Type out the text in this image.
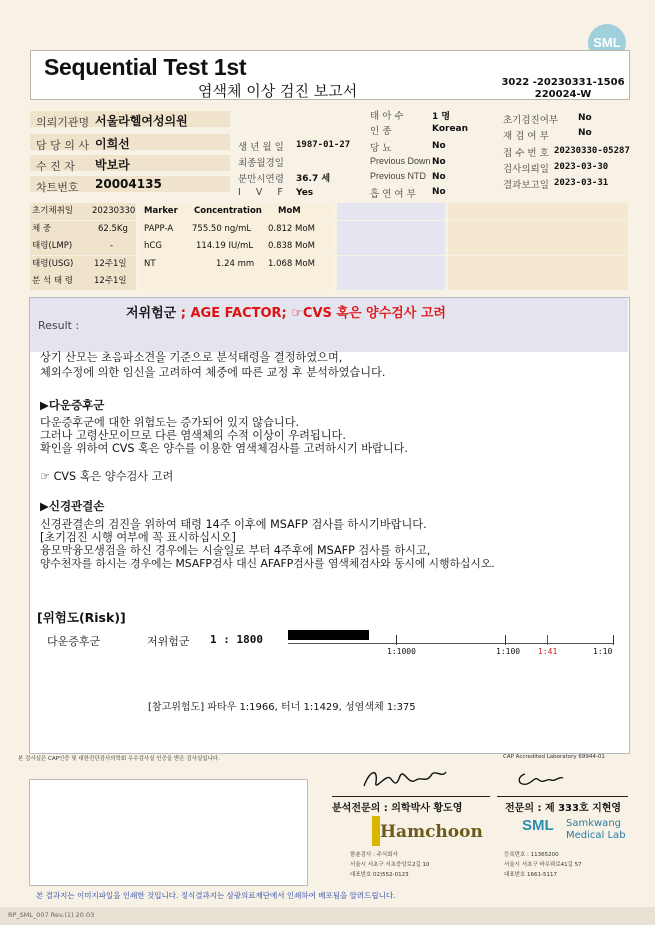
SML
Sequential Test 1st
염색체 이상 검진 보고서	3022 -20230331-1506
220024-W
의뢰기관명 서울라헬여성의원
담 당 의 사 이희선
수 진 자 박보라
차트번호 20004135
생 년 월 일 1987-01-27
최종월경일
분만시연령 36.7 세
I V F Yes
태 아 수	1 명
인 종	Korean
당 뇨	No
Previous Down No
Previous NTD No
흡 연 여 부 No
초기검진여부 No
재 검 여 부	No
접 수 번 호 20230330-05287
검사의뢰일 2023-03-30
결과보고일 2023-03-31
초기채취일 20230330
체 중	62.5Kg
태령(LMP)	-
태령(USG) 12주1일
분 석 태 령 12주1일
Marker Concentration MoM
PAPP-A 755.50 ng/mL 0.812 MoM
hCG	114.19 IU/mL 0.838 MoM
NT	1.24 mm 1.068 MoM
Result :
저위험군 ; AGE FACTOR; ☞CVS 혹은 양수검사 고려
상기 산모는 초음파소견을 기준으로 분석태령을 결정하였으며,
체외수정에 의한 임신을 고려하여 체중에 따른 교정 후 분석하였습니다.
▶다운증후군
다운증후군에 대한 위험도는 증가되어 있지 않습니다.
그러나 고령산모이므로 다른 염색체의 수적 이상이 우려됩니다.
확인을 위하여 CVS 혹은 양수를 이용한 염색체검사를 고려하시기 바랍니다.
☞ CVS 혹은 양수검사 고려
▶신경관결손
신경관결손의 검진을 위하여 태령 14주 이후에 MSAFP 검사를 하시기바랍니다.
[초기검진 시행 여부에 꼭 표시하십시오]
융모막융모생검을 하신 경우에는 시술일로 부터 4주후에 MSAFP 검사를 하시고,
양수천자를 하시는 경우에는 MSAFP검사 대신 AFAFP검사를 염색체검사와 동시에 시행하십시오.
[위험도(Risk)]
다운증후군	저위험군 1 : 1800
1:1000	1:100 1:41	1:10
[참고위험도] 파타우 1:1966, 터너 1:1429, 성염색체 1:375
본 검사실은 CAP인증 및 대한진단검사의학회 우수검사실 인증을 받은 검사실입니다.	CAP Accredited Laboratory 69944-01
분석전문의 : 의학박사 황도영	전문의 : 제 333호 지현영
Hamchoon
함춘검사 : 주식회사
서울시 서초구 서초중앙로2길 10
대표번호 02)552-0123
SML	Samkwang
Medical Lab
등록번호 : 11365200
서울시 서초구 바우뫼로41길 57
대표번호 1661-5117
본 결과지는 이미지파일을 인쇄한 것입니다. 정식결과지는 삼광의료재단에서 인쇄하여 배포됨을 알려드립니다.
RP_SML_007 Rev.(1) 20.03
